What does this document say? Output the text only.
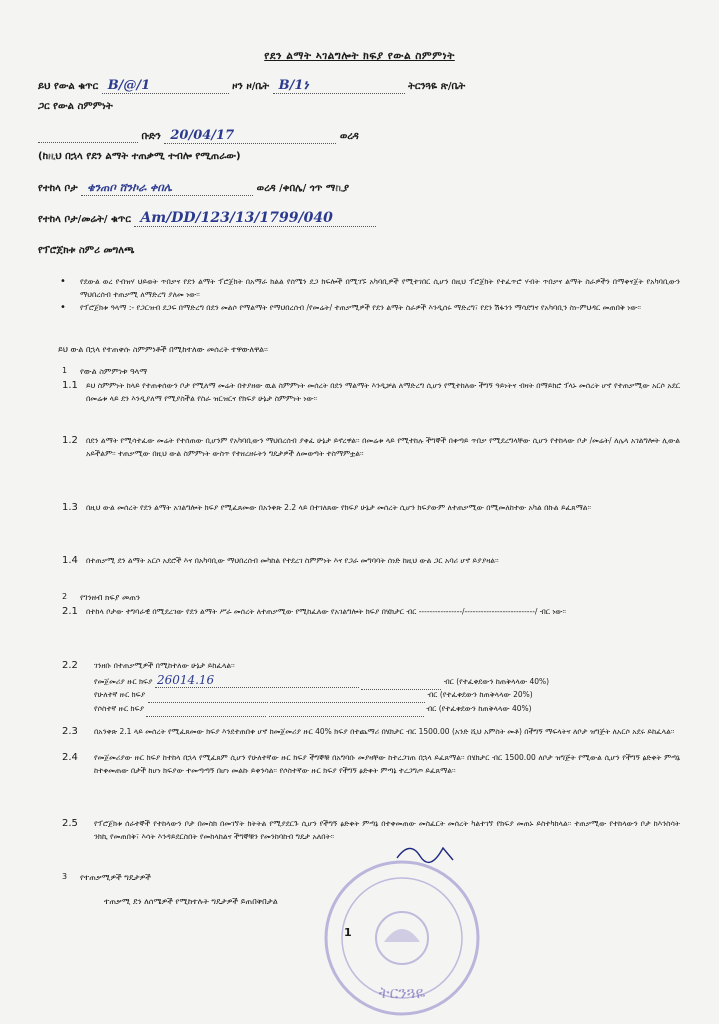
የደን ልማት ኣገልግሎት ክፍያ የውል ስምምነት
ይህ የውል ቁጥር B/@/1	ዞን ዞ/ቤት B/1ነ	ትርንጓዬ ጽ/ቤት
ጋር የውል ስምምነት
ቡድን 20/04/17	ወረዳ
(ከዚህ በኋላ የደን ልማት ተጠቃሚ ተብሎ የሚጠራው)
የተከላ ቦታ ቄንጠቦ ሸንኮራ ቀበሌ	ወረዳ /ቀበሌ/ ጎጥ ማኪያ
የተከላ ቦታ/መሬት/ ቁጥር Am/DD/123/13/1799/040
የፕሮጀክቱ ስምሪ መግለጫ
• የደውል ወረ የብዝሃ ህይወት ጥበቃና የደን ልማት ፕሮጀክት በአማራ ክልል የሰሜን ደጋ ክፍሎች በሚገኙ አካባቢዎች የሚተገበር ሲሆን በዚህ ፕሮጀክት የተፈጥሮ ሃብት ጥበቃና ልማት ስራዎችን በማቀናጀት የአካባቢውን ማህበረሰብ ተጠቃሚ ለማድረግ ያለመ ነው፡፡
• የፕሮጀክቱ ዓላማ :- የጋርዝብ ደጋፍ በማድረግ በደን መልሶ የማልማት የማህበረሰብ /የመሬት/ ተጠቃሚዎች የደን ልማት ስራዎች እንዲሰሩ ማድረግ፣ የደን ሽፋንን ማሳደግና የአካባቢን ስነ-ምህዳር መጠበቅ ነው፡፡
ይህ ውል በኋላ የተጠቀሱ ስምምነቶች በሚከተለው መሰረት ተዋውለዋል፡፡
1 የውል ስምምነቱ ዓላማ
1.1 ይህ ስምምነት ከላይ የተጠቀሰውን ቦታ የሚለማ መሬት በተያዘው ዉል ስምምነት መሰረት በደን ማልማት እንዲቻል ለማድረግ ሲሆን የሚተከለው ችግኝ ዓይነትና ብዛት በማይክሮ ፕላኑ መሰረት ሆኖ የተጠቃሚው አርሶ አደር በመሬቱ ላይ ደን እንዲያለማ የሚያስችል የስራ ዝርዝርና የክፍያ ሁኔታ ስምምነት ነው፡፡
1.2 በደን ልማት የሚሳተፈው መሬት የተሰጠው ቢሆንም የአካባቢውን ማህበረሰብ ያቀፈ ሁኔታ ይኖረዋል፡፡ በመሬቱ ላይ የሚተከሉ ችግኞች በቀጣይ ጥበቃ የሚደረግላቸው ሲሆን የተከላው ቦታ /መሬት/ ለሌላ አገልግሎት ሊውል አይችልም፡፡ ተጠቃሚው በዚህ ውል ስምምነት ውስጥ የተዘረዘሩትን ግዴታዎች ለመወጣት ተስማምቷል፡፡
1.3 በዚህ ውል መሰረት የደን ልማት አገልግሎት ክፍያ የሚፈጸመው በአንቀጽ 2.2 ላይ በተገለጸው የክፍያ ሁኔታ መሰረት ሲሆን ክፍያውም ለተጠቃሚው በሚመለከተው አካል በኩል ይፈጸማል፡፡
1.4 በተጠቃሚ ደን ልማት አርሶ አደሮች እና በአካባቢው ማህበረሰብ መካከል የተደረገ ስምምነት እና የጋራ መግባባት ሰነድ ከዚህ ውል ጋር አባሪ ሆኖ ይያያዛል፡፡
2 የገንዘብ ክፍያ መጠን
2.1 በተከላ ቦታው ተግባራዊ በሚደረገው የደን ልማት ሥራ መሰረት ለተጠቃሚው የሚከፈለው የአገልግሎት ክፍያ በሄክታር ብር ----------------/--------------------------/ ብር ነው፡፡
2.2 ገንዘቡ በተጠቃሚዎች በሚከተለው ሁኔታ ይከፈላል፡፡
የመጀመሪያ ዙር ክፍያ 26014.16	ብር (የተፈቀደውን ከጠቅላላው 40%)
የሁለተኛ ዙር ክፍያ	ብር (የተፈቀደውን ከጠቅላላው 20%)
የሶስተኛ ዙር ክፍያ	ብር (የተፈቀደውን ከጠቅላላው 40%)
2.3 በአንቀጽ 2.1 ላይ መሰረት የሚፈጸመው ክፍያ እንደተጠበቀ ሆኖ ከመጀመሪያ ዙር 40% ክፍያ በተጨማሪ በሄክታር ብር 1500.00 (አንድ ሺህ አምስት መቶ) በችግኝ ማፍላትና ለቦታ ዝግጅት ለአርሶ አደሩ ይከፈላል፡፡
2.4 የመጀመሪያው ዙር ክፍያ ከተከላ በኋላ የሚፈጸም ሲሆን የሁለተኛው ዙር ክፍያ ችግኞቹ በአግባቡ መያዛቸው ከተረጋገጠ በኋላ ይፈጸማል፡፡ በሄክታር ብር 1500.00 ለቦታ ዝግጅት የሚውል ሲሆን የችግኝ ፅድቀት ምጣኔ ከተቀመጠው በታች ከሆነ ክፍያው ተመጣጣኝ በሆነ መልኩ ይቀንሳል፡፡ የሶስተኛው ዙር ክፍያ የችግኝ ፅድቀት ምጣኔ ተረጋግጦ ይፈጸማል፡፡
2.5 የፕሮጀክቱ ሰራተኞች የተከላውን ቦታ በመስክ በመገኘት ክትትል የሚያደርጉ ሲሆን የችግኝ ፅድቀት ምጣኔ በተቀመጠው መስፈርት መሰረት ካልተገኘ የክፍያ መጠኑ ይስተካከላል፡፡ ተጠቃሚው የተከላውን ቦታ ከእንስሳት ንክኪ የመጠበቅ፣ እሳት እንዳይደርስበት የመከላከልና ችግኞቹን የመንከባከብ ግዴታ አለበት፡፡
3 የተጠቃሚዎች ግዴታዎች
ተጠቃሚ ደን ለሰሜዎች የሚከተሉት ግዴታዎች ይጠበቅበታል
ትርንጓዬ
1
